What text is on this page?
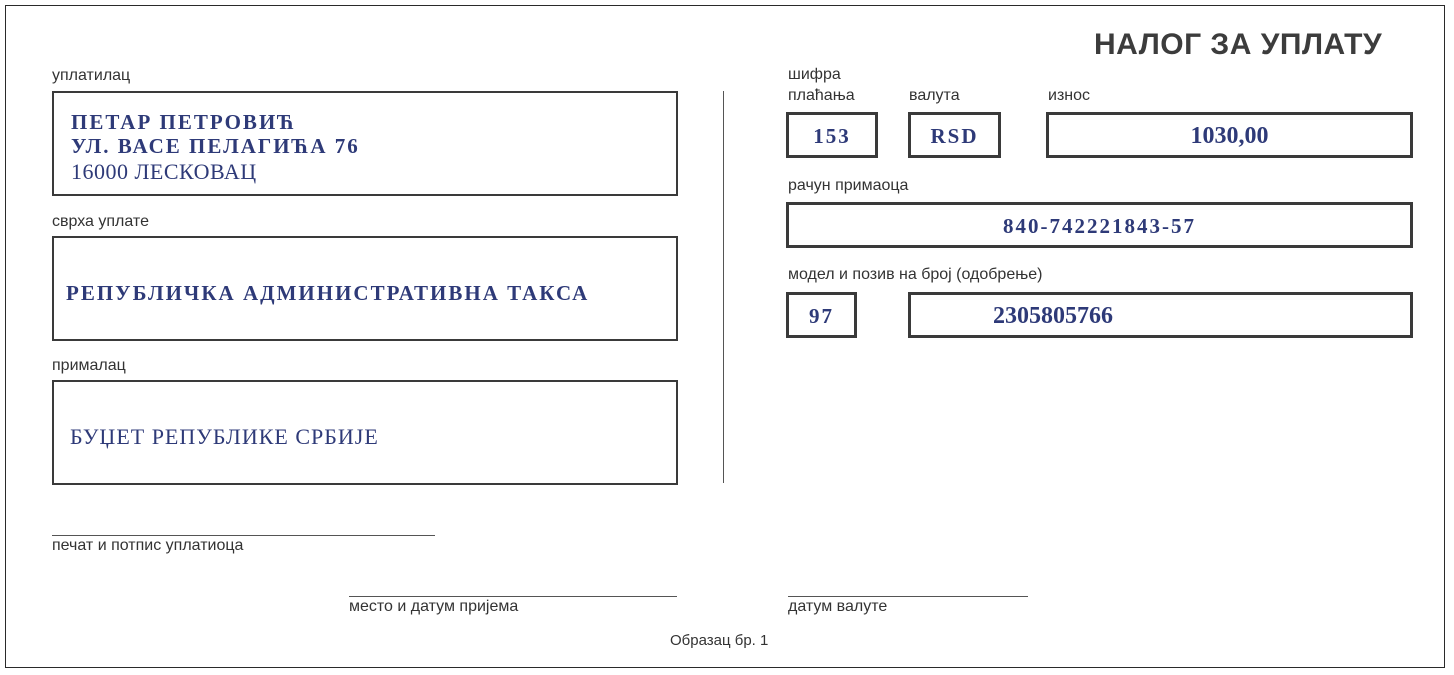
НАЛОГ ЗА УПЛАТУ
уплатилац
ПЕТАР ПЕТРОВИЋ
УЛ. ВАСЕ ПЕЛАГИЋА 76
16000 ЛЕСКОВАЦ
сврха уплате
РЕПУБЛИЧКА АДМИНИСТРАТИВНА ТАКСА
прималац
БУЏЕТ РЕПУБЛИКЕ СРБИЈЕ
шифра
плаћања	валута	износ
153	RSD	1030,00
рачун примаоца
840-742221843-57
модел и позив на број (одобрење)
97	2305805766
печат и потпис уплатиоца
место и датум пријема	датум валуте
Образац бр. 1
